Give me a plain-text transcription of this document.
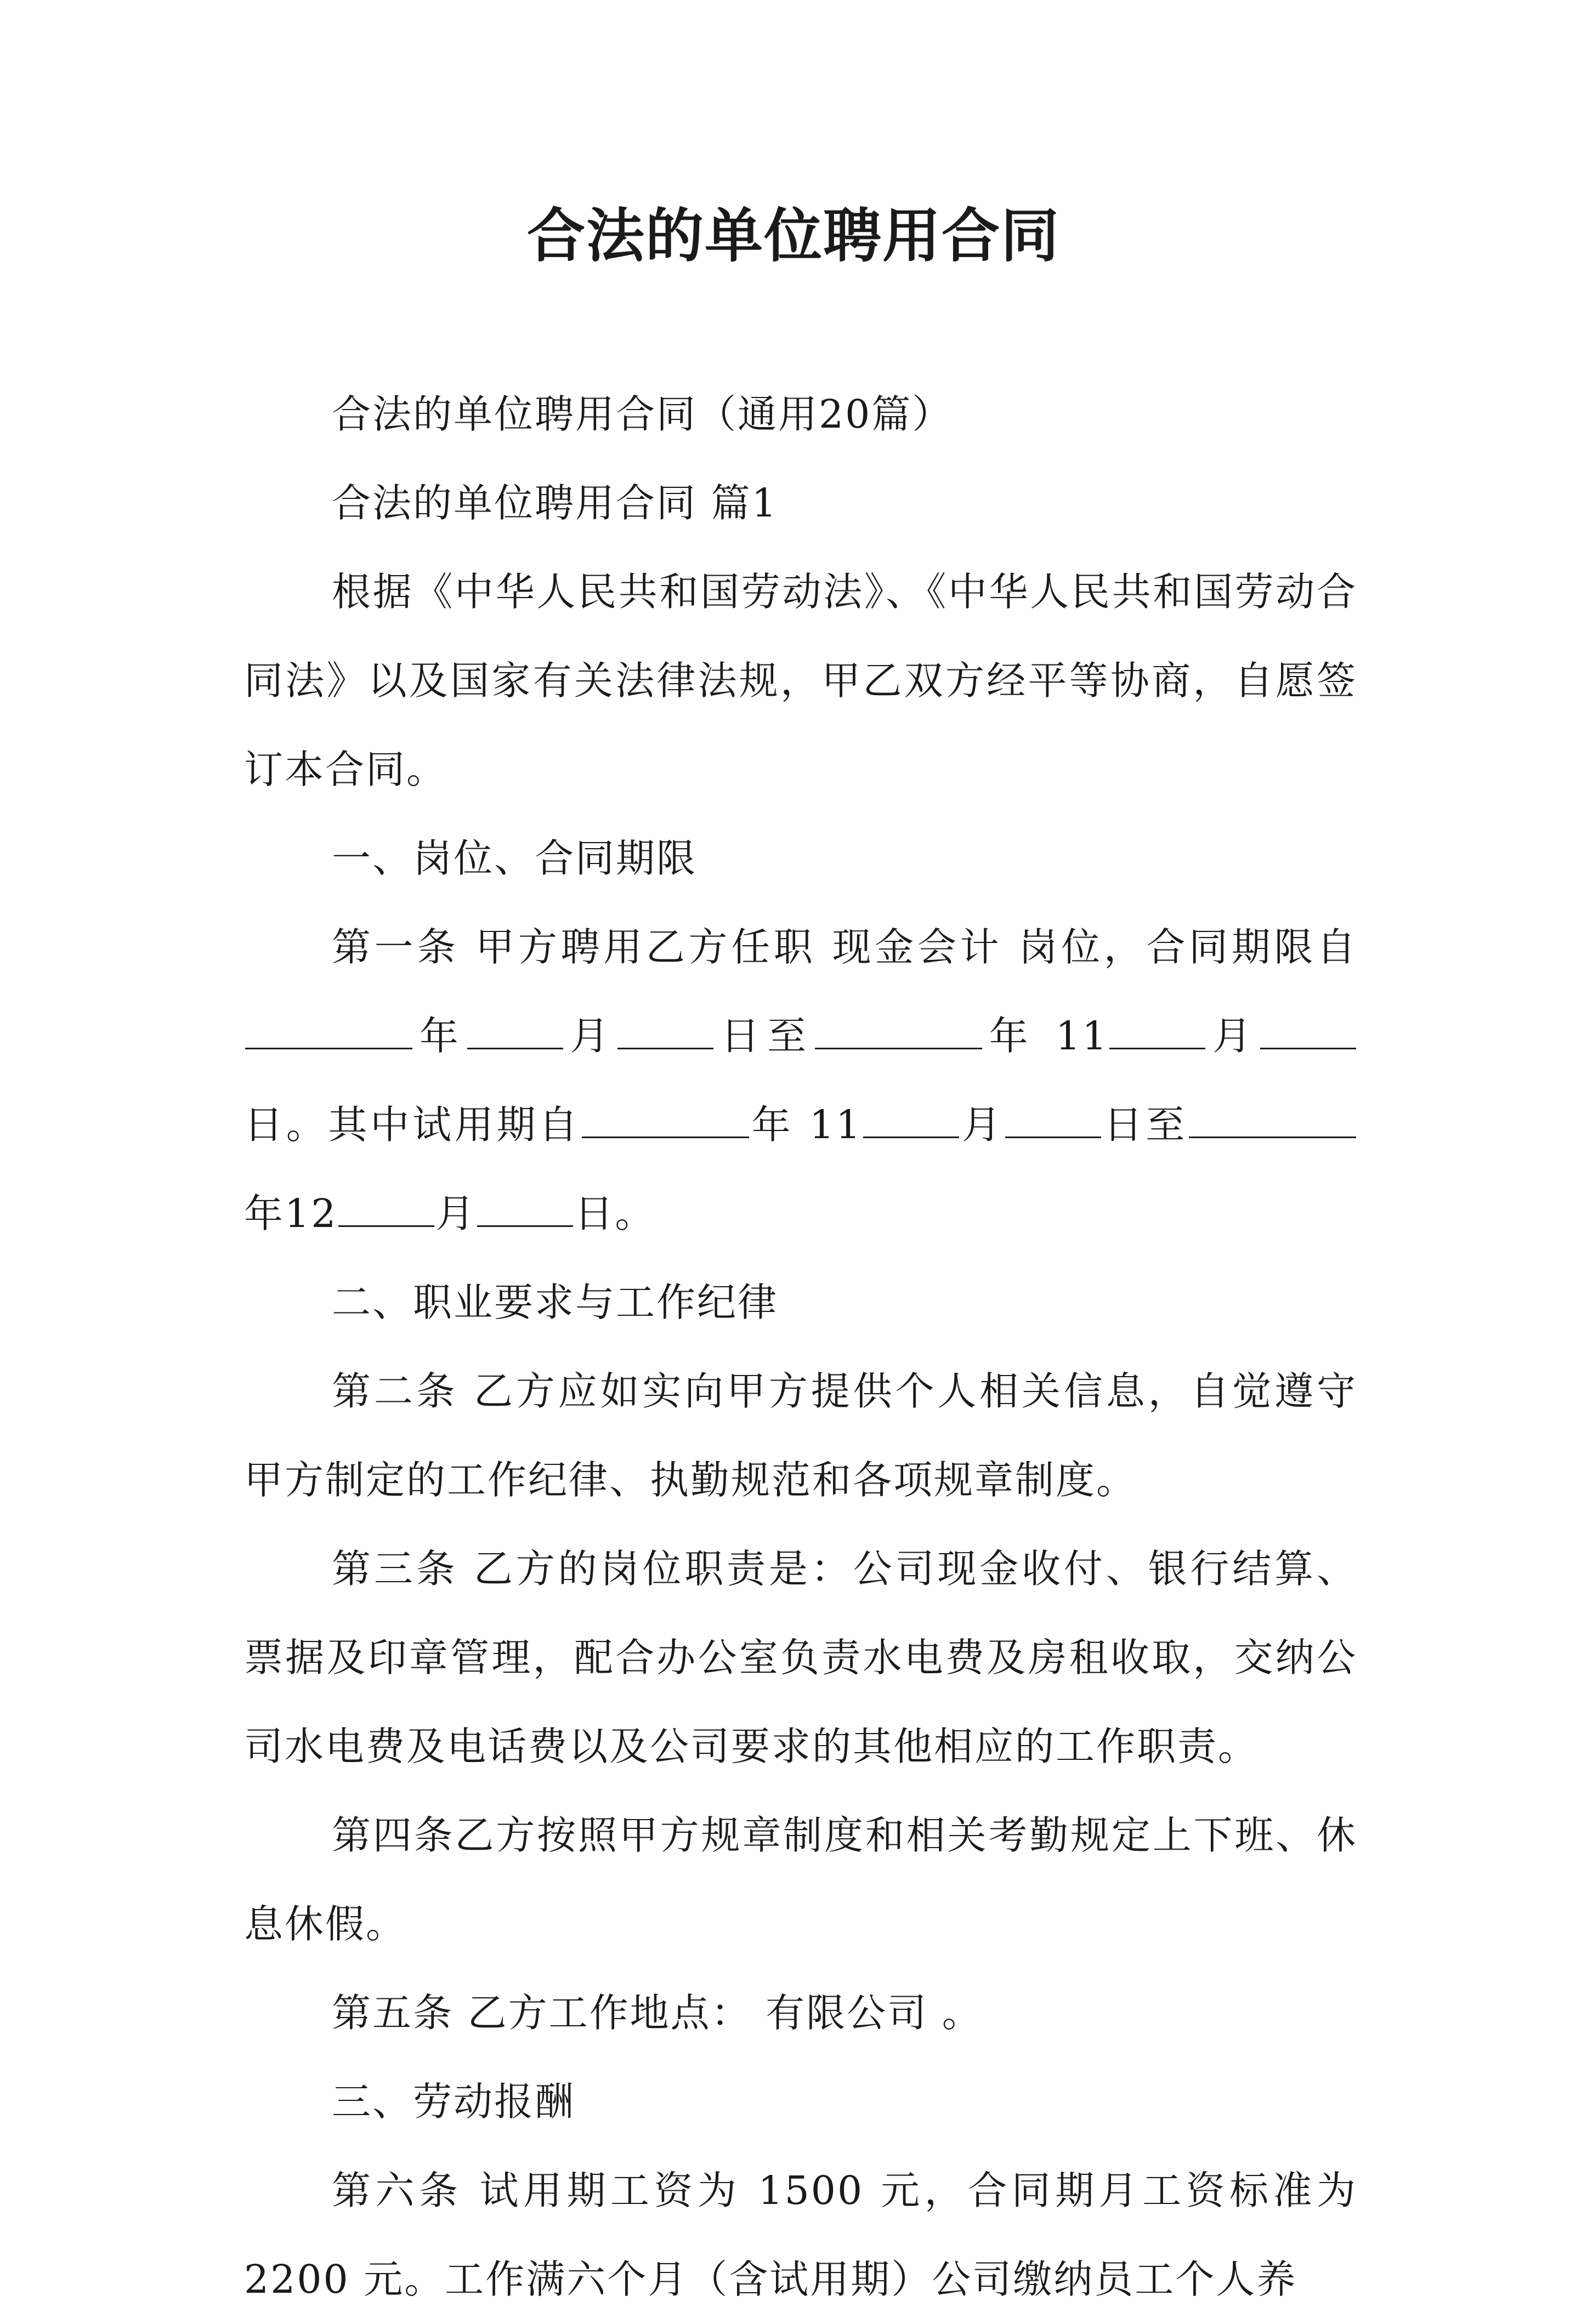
合法的单位聘用合同

合法的单位聘用合同（通用20篇）

合法的单位聘用合同 篇1

根据《中华人民共和国劳动法》、《中华人民共和国劳动合同法》以及国家有关法律法规，甲乙双方经平等协商，自愿签订本合同。

一、岗位、合同期限

第一条 甲方聘用乙方任职 现金会计 岗位，合同期限自年	月	日至	年 11	月日。其中试用期自	年 11	月	日至年12	月	日。

二、职业要求与工作纪律

第二条 乙方应如实向甲方提供个人相关信息，自觉遵守甲方制定的工作纪律、执勤规范和各项规章制度。

第三条 乙方的岗位职责是：公司现金收付、银行结算、票据及印章管理，配合办公室负责水电费及房租收取，交纳公司水电费及电话费以及公司要求的其他相应的工作职责。

第四条乙方按照甲方规章制度和相关考勤规定上下班、休息休假。

第五条 乙方工作地点： 有限公司 。

三、劳动报酬

第六条 试用期工资为 1500 元，合同期月工资标准为 2200 元。工作满六个月（含试用期）公司缴纳员工个人养
